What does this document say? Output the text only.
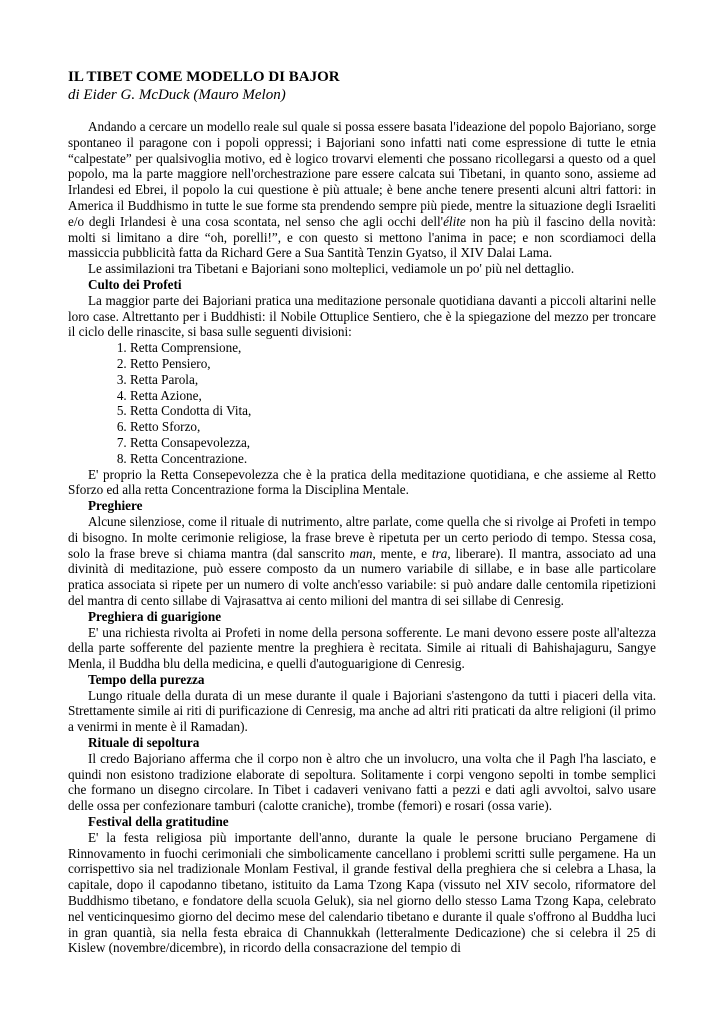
IL TIBET COME MODELLO DI BAJOR

di Eider G. McDuck (Mauro Melon)

Andando a cercare un modello reale sul quale si possa essere basata l'ideazione del popolo Bajoriano, sorge spontaneo il paragone con i popoli oppressi; i Bajoriani sono infatti nati come espressione di tutte le etnia “calpestate” per qualsivoglia motivo, ed è logico trovarvi elementi che possano ricollegarsi a questo od a quel popolo, ma la parte maggiore nell'orchestrazione pare essere calcata sui Tibetani, in quanto sono, assieme ad Irlandesi ed Ebrei, il popolo la cui questione è più attuale; è bene anche tenere presenti alcuni altri fattori: in America il Buddhismo in tutte le sue forme sta prendendo sempre più piede, mentre la situazione degli Israeliti e/o degli Irlandesi è una cosa scontata, nel senso che agli occhi dell'élite non ha più il fascino della novità: molti si limitano a dire “oh, porelli!”, e con questo si mettono l'anima in pace; e non scordiamoci della massiccia pubblicità fatta da Richard Gere a Sua Santità Tenzin Gyatso, il XIV Dalai Lama.

Le assimilazioni tra Tibetani e Bajoriani sono molteplici, vediamole un po' più nel dettaglio.

Culto dei Profeti

La maggior parte dei Bajoriani pratica una meditazione personale quotidiana davanti a piccoli altarini nelle loro case. Altrettanto per i Buddhisti: il Nobile Ottuplice Sentiero, che è la spiegazione del mezzo per troncare il ciclo delle rinascite, si basa sulle seguenti divisioni:

1. Retta Comprensione,
2. Retto Pensiero,
3. Retta Parola,
4. Retta Azione,
5. Retta Condotta di Vita,
6. Retto Sforzo,
7. Retta Consapevolezza,
8. Retta Concentrazione.

E' proprio la Retta Consepevolezza che è la pratica della meditazione quotidiana, e che assieme al Retto Sforzo ed alla retta Concentrazione forma la Disciplina Mentale.

Preghiere

Alcune silenziose, come il rituale di nutrimento, altre parlate, come quella che si rivolge ai Profeti in tempo di bisogno. In molte cerimonie religiose, la frase breve è ripetuta per un certo periodo di tempo. Stessa cosa, solo la frase breve si chiama mantra (dal sanscrito man, mente, e tra, liberare). Il mantra, associato ad una divinità di meditazione, può essere composto da un numero variabile di sillabe, e in base alle particolare pratica associata si ripete per un numero di volte anch'esso variabile: si può andare dalle centomila ripetizioni del mantra di cento sillabe di Vajrasattva ai cento milioni del mantra di sei sillabe di Cenresig.

Preghiera di guarigione

E' una richiesta rivolta ai Profeti in nome della persona sofferente. Le mani devono essere poste all'altezza della parte sofferente del paziente mentre la preghiera è recitata. Simile ai rituali di Bahishajaguru, Sangye Menla, il Buddha blu della medicina, e quelli d'autoguarigione di Cenresig.

Tempo della purezza

Lungo rituale della durata di un mese durante il quale i Bajoriani s'astengono da tutti i piaceri della vita. Strettamente simile ai riti di purificazione di Cenresig, ma anche ad altri riti praticati da altre religioni (il primo a venirmi in mente è il Ramadan).

Rituale di sepoltura

Il credo Bajoriano afferma che il corpo non è altro che un involucro, una volta che il Pagh l'ha lasciato, e quindi non esistono tradizione elaborate di sepoltura. Solitamente i corpi vengono sepolti in tombe semplici che formano un disegno circolare. In Tibet i cadaveri venivano fatti a pezzi e dati agli avvoltoi, salvo usare delle ossa per confezionare tamburi (calotte craniche), trombe (femori) e rosari (ossa varie).

Festival della gratitudine

E' la festa religiosa più importante dell'anno, durante la quale le persone bruciano Pergamene di Rinnovamento in fuochi cerimoniali che simbolicamente cancellano i problemi scritti sulle pergamene. Ha un corrispettivo sia nel tradizionale Monlam Festival, il grande festival della preghiera che si celebra a Lhasa, la capitale, dopo il capodanno tibetano, istituito da Lama Tzong Kapa (vissuto nel XIV secolo, riformatore del Buddhismo tibetano, e fondatore della scuola Geluk), sia nel giorno dello stesso Lama Tzong Kapa, celebrato nel venticinquesimo giorno del decimo mese del calendario tibetano e durante il quale s'offrono al Buddha luci in gran quantià, sia nella festa ebraica di Channukkah (letteralmente Dedicazione) che si celebra il 25 di Kislew (novembre/dicembre), in ricordo della consacrazione del tempio di
